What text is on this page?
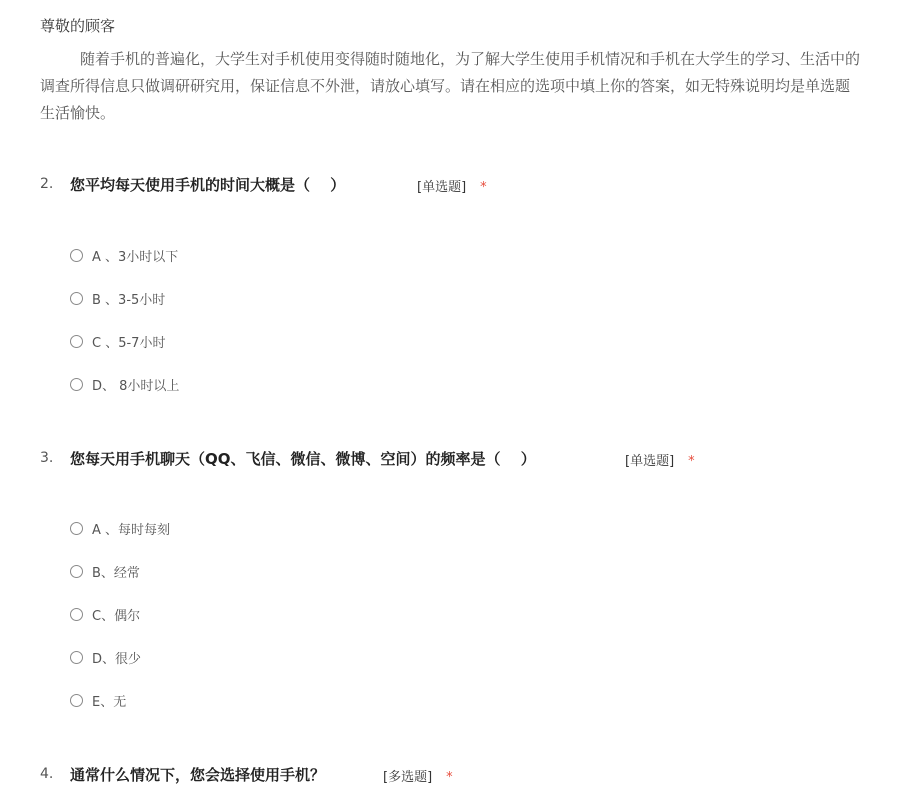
尊敬的顾客

随着手机的普遍化，大学生对手机使用变得随时随地化，为了解大学生使用手机情况和手机在大学生的学习、生活中的

调查所得信息只做调研研究用，保证信息不外泄，请放心填写。请在相应的选项中填上你的答案，如无特殊说明均是单选题

生活愉快。

2. 您平均每天使用手机的时间大概是（　 ）	[单选题] *
A 、3小时以下
B 、3-5小时
C 、5-7小时
D、 8小时以上
3. 您每天用手机聊天（QQ、飞信、微信、微博、空间）的频率是（　 ）	[单选题] *
A 、每时每刻
B、经常
C、偶尔
D、很少
E、无
4. 通常什么情况下，您会选择使用手机？	[多选题] *
